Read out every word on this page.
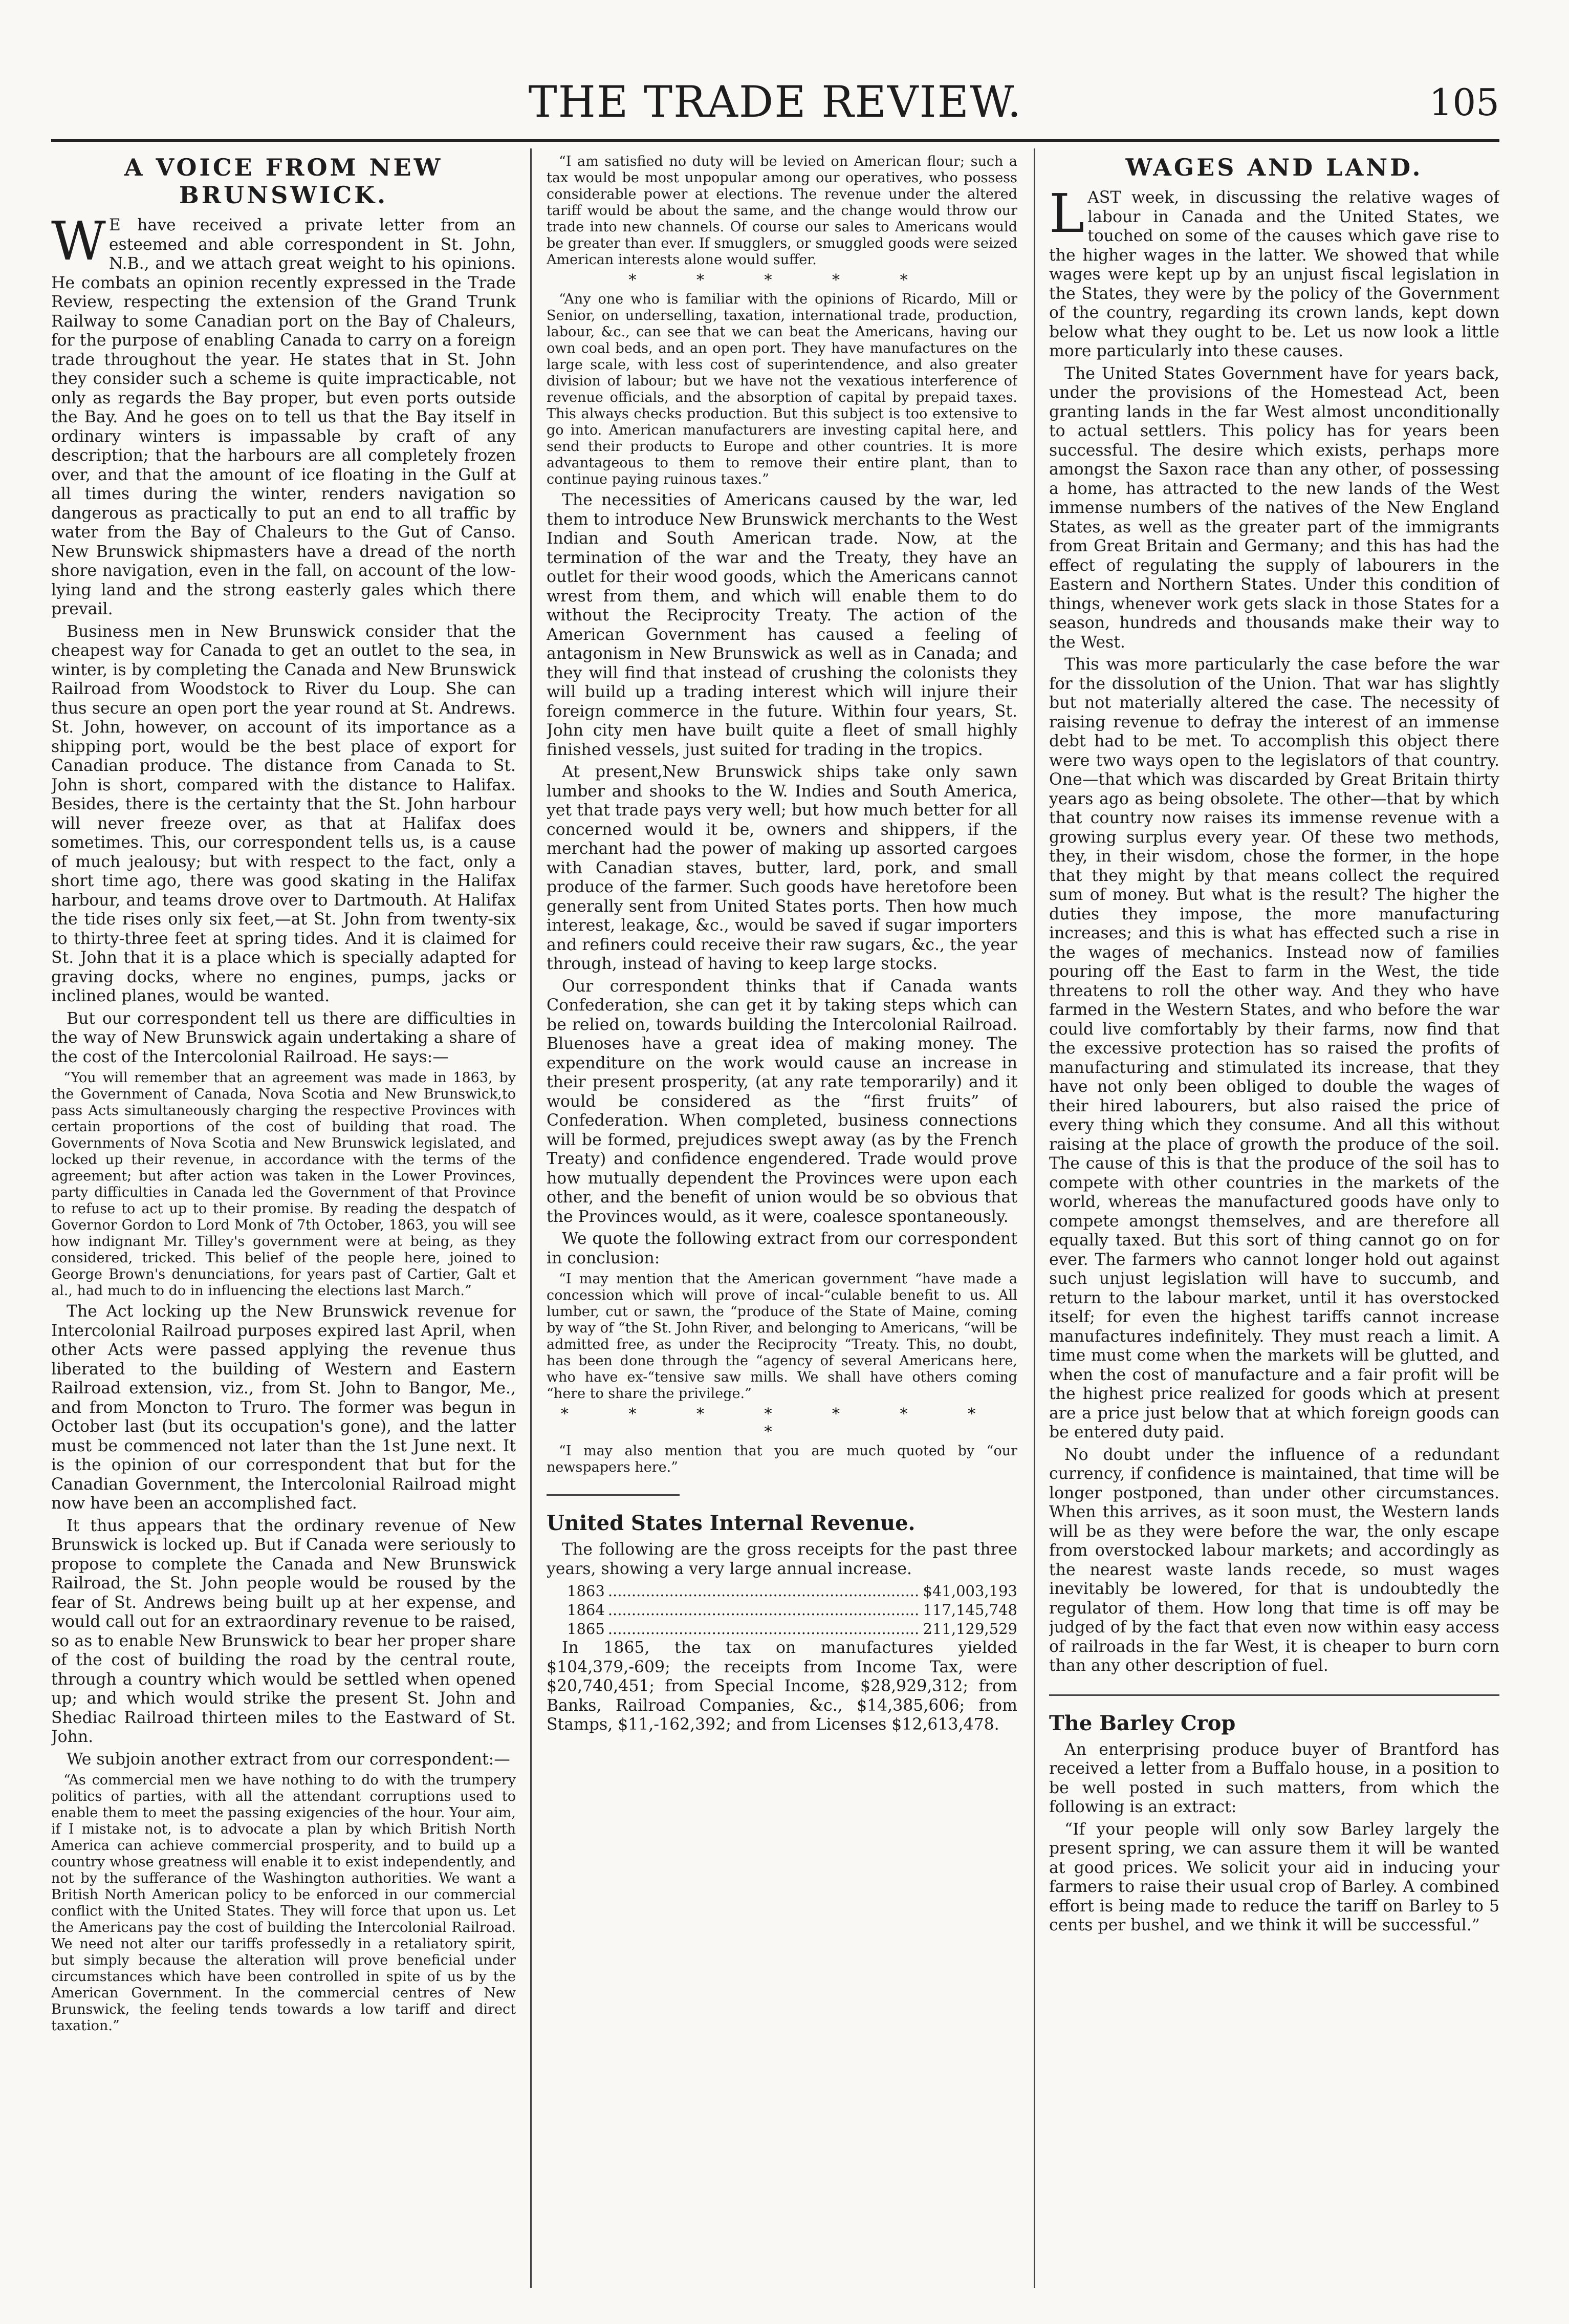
THE TRADE REVIEW.	105
A VOICE FROM NEW BRUNSWICK.

W E have received a private letter from an esteemed and able correspondent in St. John, N.B., and we attach great weight to his opinions. He combats an opinion recently expressed in the Trade Review, respecting the extension of the Grand Trunk Railway to some Canadian port on the Bay of Chaleurs, for the purpose of enabling Canada to carry on a foreign trade throughout the year. He states that in St. John they consider such a scheme is quite impracticable, not only as regards the Bay proper, but even ports outside the Bay. And he goes on to tell us that the Bay itself in ordinary winters is impassable by craft of any description; that the harbours are all completely frozen over, and that the amount of ice floating in the Gulf at all times during the winter, renders navigation so dangerous as practically to put an end to all traffic by water from the Bay of Chaleurs to the Gut of Canso. New Brunswick shipmasters have a dread of the north shore navigation, even in the fall, on account of the low-lying land and the strong easterly gales which there prevail.

Business men in New Brunswick consider that the cheapest way for Canada to get an outlet to the sea, in winter, is by completing the Canada and New Brunswick Railroad from Woodstock to River du Loup. She can thus secure an open port the year round at St. Andrews. St. John, however, on account of its importance as a shipping port, would be the best place of export for Canadian produce. The distance from Canada to St. John is short, compared with the distance to Halifax. Besides, there is the certainty that the St. John harbour will never freeze over, as that at Halifax does sometimes. This, our correspondent tells us, is a cause of much jealousy; but with respect to the fact, only a short time ago, there was good skating in the Halifax harbour, and teams drove over to Dartmouth. At Halifax the tide rises only six feet,—at St. John from twenty-six to thirty-three feet at spring tides. And it is claimed for St. John that it is a place which is specially adapted for graving docks, where no engines, pumps, jacks or inclined planes, would be wanted.

But our correspondent tell us there are difficulties in the way of New Brunswick again undertaking a share of the cost of the Intercolonial Railroad. He says:—

“You will remember that an agreement was made in 1863, by the Government of Canada, Nova Scotia and New Brunswick,to pass Acts simultaneously charging the respective Provinces with certain proportions of the cost of building that road. The Governments of Nova Scotia and New Brunswick legislated, and locked up their revenue, in accordance with the terms of the agreement; but after action was taken in the Lower Provinces, party difficulties in Canada led the Government of that Province to refuse to act up to their promise. By reading the despatch of Governor Gordon to Lord Monk of 7th October, 1863, you will see how indignant Mr. Tilley's government were at being, as they considered, tricked. This belief of the people here, joined to George Brown's denunciations, for years past of Cartier, Galt et al., had much to do in influencing the elections last March.”

The Act locking up the New Brunswick revenue for Intercolonial Railroad purposes expired last April, when other Acts were passed applying the revenue thus liberated to the building of Western and Eastern Railroad extension, viz., from St. John to Bangor, Me., and from Moncton to Truro. The former was begun in October last (but its occupation's gone), and the latter must be commenced not later than the 1st June next. It is the opinion of our correspondent that but for the Canadian Government, the Intercolonial Railroad might now have been an accomplished fact.

It thus appears that the ordinary revenue of New Brunswick is locked up. But if Canada were seriously to propose to complete the Canada and New Brunswick Railroad, the St. John people would be roused by the fear of St. Andrews being built up at her expense, and would call out for an extraordinary revenue to be raised, so as to enable New Brunswick to bear her proper share of the cost of building the road by the central route, through a country which would be settled when opened up; and which would strike the present St. John and Shediac Railroad thirteen miles to the Eastward of St. John.

We subjoin another extract from our correspondent:—

“As commercial men we have nothing to do with the trumpery politics of parties, with all the attendant corruptions used to enable them to meet the passing exigencies of the hour. Your aim, if I mistake not, is to advocate a plan by which British North America can achieve commercial prosperity, and to build up a country whose greatness will enable it to exist independently, and not by the sufferance of the Washington authorities. We want a British North American policy to be enforced in our commercial conflict with the United States. They will force that upon us. Let the Americans pay the cost of building the Intercolonial Railroad. We need not alter our tariffs professedly in a retaliatory spirit, but simply because the alteration will prove beneficial under circumstances which have been controlled in spite of us by the American Government. In the commercial centres of New Brunswick, the feeling tends towards a low tariff and direct taxation.”

“I am satisfied no duty will be levied on American flour; such a tax would be most unpopular among our operatives, who possess considerable power at elections. The revenue under the altered tariff would be about the same, and the change would throw our trade into new channels. Of course our sales to Americans would be greater than ever. If smugglers, or smuggled goods were seized American interests alone would suffer.

* * * * *

“Any one who is familiar with the opinions of Ricardo, Mill or Senior, on underselling, taxation, international trade, production, labour, &c., can see that we can beat the Americans, having our own coal beds, and an open port. They have manufactures on the large scale, with less cost of superintendence, and also greater division of labour; but we have not the vexatious interference of revenue officials, and the absorption of capital by prepaid taxes. This always checks production. But this subject is too extensive to go into. American manufacturers are investing capital here, and send their products to Europe and other countries. It is more advantageous to them to remove their entire plant, than to continue paying ruinous taxes.”

The necessities of Americans caused by the war, led them to introduce New Brunswick merchants to the West Indian and South American trade. Now, at the termination of the war and the Treaty, they have an outlet for their wood goods, which the Americans cannot wrest from them, and which will enable them to do without the Reciprocity Treaty. The action of the American Government has caused a feeling of antagonism in New Brunswick as well as in Canada; and they will find that instead of crushing the colonists they will build up a trading interest which will injure their foreign commerce in the future. Within four years, St. John city men have built quite a fleet of small highly finished vessels, just suited for trading in the tropics.

At present,New Brunswick ships take only sawn lumber and shooks to the W. Indies and South America, yet that trade pays very well; but how much better for all concerned would it be, owners and shippers, if the merchant had the power of making up assorted cargoes with Canadian staves, butter, lard, pork, and small produce of the farmer. Such goods have heretofore been generally sent from United States ports. Then how much interest, leakage, &c., would be saved if sugar importers and refiners could receive their raw sugars, &c., the year through, instead of having to keep large stocks.

Our correspondent thinks that if Canada wants Confederation, she can get it by taking steps which can be relied on, towards building the Intercolonial Railroad. Bluenoses have a great idea of making money. The expenditure on the work would cause an increase in their present prosperity, (at any rate temporarily) and it would be considered as the “first fruits” of Confederation. When completed, business connections will be formed, prejudices swept away (as by the French Treaty) and confidence engendered. Trade would prove how mutually dependent the Provinces were upon each other, and the benefit of union would be so obvious that the Provinces would, as it were, coalesce spontaneously.

We quote the following extract from our correspondent in conclusion:

“I may mention that the American government “have made a concession which will prove of incal-“culable benefit to us. All lumber, cut or sawn, the “produce of the State of Maine, coming by way of “the St. John River, and belonging to Americans, “will be admitted free, as under the Reciprocity “Treaty. This, no doubt, has been done through the “agency of several Americans here, who have ex-“tensive saw mills. We shall have others coming “here to share the privilege.”

* * * * * * * *

“I may also mention that you are much quoted by “our newspapers here.”

United States Internal Revenue.

The following are the gross receipts for the past three years, showing a very large annual increase.

1863 .....	$41,003,193
1864 .....	117,145,748
1865 .....	211,129,529

In 1865, the tax on manufactures yielded $104,379,-609; the receipts from Income Tax, were $20,740,451; from Special Income, $28,929,312; from Banks, Railroad Companies, &c., $14,385,606; from Stamps, $11,-162,392; and from Licenses $12,613,478.

WAGES AND LAND.

LAST week, in discussing the relative wages of labour in Canada and the United States, we touched on some of the causes which gave rise to the higher wages in the latter. We showed that while wages were kept up by an unjust fiscal legislation in the States, they were by the policy of the Government of the country, regarding its crown lands, kept down below what they ought to be. Let us now look a little more particularly into these causes.

The United States Government have for years back, under the provisions of the Homestead Act, been granting lands in the far West almost unconditionally to actual settlers. This policy has for years been successful. The desire which exists, perhaps more amongst the Saxon race than any other, of possessing a home, has attracted to the new lands of the West immense numbers of the natives of the New England States, as well as the greater part of the immigrants from Great Britain and Germany; and this has had the effect of regulating the supply of labourers in the Eastern and Northern States. Under this condition of things, whenever work gets slack in those States for a season, hundreds and thousands make their way to the West.

This was more particularly the case before the war for the dissolution of the Union. That war has slightly but not materially altered the case. The necessity of raising revenue to defray the interest of an immense debt had to be met. To accomplish this object there were two ways open to the legislators of that country. One—that which was discarded by Great Britain thirty years ago as being obsolete. The other—that by which that country now raises its immense revenue with a growing surplus every year. Of these two methods, they, in their wisdom, chose the former, in the hope that they might by that means collect the required sum of money. But what is the result? The higher the duties they impose, the more manufacturing increases; and this is what has effected such a rise in the wages of mechanics. Instead now of families pouring off the East to farm in the West, the tide threatens to roll the other way. And they who have farmed in the Western States, and who before the war could live comfortably by their farms, now find that the excessive protection has so raised the profits of manufacturing and stimulated its increase, that they have not only been obliged to double the wages of their hired labourers, but also raised the price of every thing which they consume. And all this without raising at the place of growth the produce of the soil. The cause of this is that the produce of the soil has to compete with other countries in the markets of the world, whereas the manufactured goods have only to compete amongst themselves, and are therefore all equally taxed. But this sort of thing cannot go on for ever. The farmers who cannot longer hold out against such unjust legislation will have to succumb, and return to the labour market, until it has overstocked itself; for even the highest tariffs cannot increase manufactures indefinitely. They must reach a limit. A time must come when the markets will be glutted, and when the cost of manufacture and a fair profit will be the highest price realized for goods which at present are a price just below that at which foreign goods can be entered duty paid.

No doubt under the influence of a redundant currency, if confidence is maintained, that time will be longer postponed, than under other circumstances. When this arrives, as it soon must, the Western lands will be as they were before the war, the only escape from overstocked labour markets; and accordingly as the nearest waste lands recede, so must wages inevitably be lowered, for that is undoubtedly the regulator of them. How long that time is off may be judged of by the fact that even now within easy access of railroads in the far West, it is cheaper to burn corn than any other description of fuel.

The Barley Crop

An enterprising produce buyer of Brantford has received a letter from a Buffalo house, in a position to be well posted in such matters, from which the following is an extract:

“If your people will only sow Barley largely the present spring, we can assure them it will be wanted at good prices. We solicit your aid in inducing your farmers to raise their usual crop of Barley. A combined effort is being made to reduce the tariff on Barley to 5 cents per bushel, and we think it will be successful.”
